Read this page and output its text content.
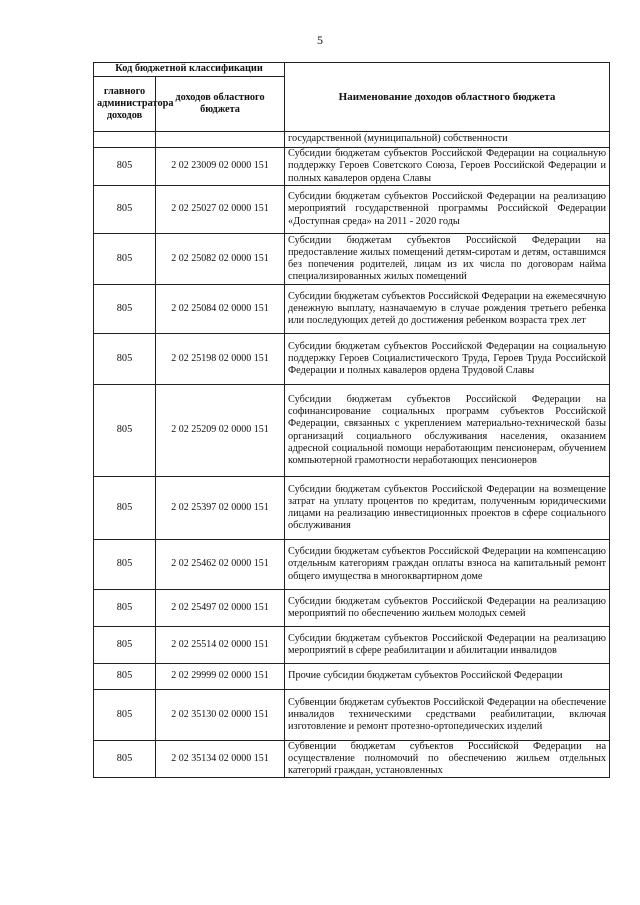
5
Код бюджетной классификации		Наименование доходов областного бюджета
главного администратора доходов	доходов областного бюджета	
		государственной (муниципальной) собственности
805	2 02 23009 02 0000 151	Субсидии бюджетам субъектов Российской Федерации на социальную поддержку Героев Советского Союза, Героев Российской Федерации и полных кавалеров ордена Славы
805	2 02 25027 02 0000 151	Субсидии бюджетам субъектов Российской Федерации на реализацию мероприятий государственной программы Российской Федерации «Доступная среда» на 2011 - 2020 годы
805	2 02 25082 02 0000 151	Субсидии бюджетам субъектов Российской Федерации на предоставление жилых помещений детям-сиротам и детям, оставшимся без попечения родителей, лицам из их числа по договорам найма специализированных жилых помещений
805	2 02 25084 02 0000 151	Субсидии бюджетам субъектов Российской Федерации на ежемесячную денежную выплату, назначаемую в случае рождения третьего ребенка или последующих детей до достижения ребенком возраста трех лет
805	2 02 25198 02 0000 151	Субсидии бюджетам субъектов Российской Федерации на социальную поддержку Героев Социалистического Труда, Героев Труда Российской Федерации и полных кавалеров ордена Трудовой Славы
805	2 02 25209 02 0000 151	Субсидии бюджетам субъектов Российской Федерации на софинансирование социальных программ субъектов Российской Федерации, связанных с укреплением материально-технической базы организаций социального обслуживания населения, оказанием адресной социальной помощи неработающим пенсионерам, обучением компьютерной грамотности неработающих пенсионеров
805	2 02 25397 02 0000 151	Субсидии бюджетам субъектов Российской Федерации на возмещение затрат на уплату процентов по кредитам, полученным юридическими лицами на реализацию инвестиционных проектов в сфере социального обслуживания
805	2 02 25462 02 0000 151	Субсидии бюджетам субъектов Российской Федерации на компенсацию отдельным категориям граждан оплаты взноса на капитальный ремонт общего имущества в многоквартирном доме
805	2 02 25497 02 0000 151	Субсидии бюджетам субъектов Российской Федерации на реализацию мероприятий по обеспечению жильем молодых семей
805	2 02 25514 02 0000 151	Субсидии бюджетам субъектов Российской Федерации на реализацию мероприятий в сфере реабилитации и абилитации инвалидов
805	2 02 29999 02 0000 151	Прочие субсидии бюджетам субъектов Российской Федерации
805	2 02 35130 02 0000 151	Субвенции бюджетам субъектов Российской Федерации на обеспечение инвалидов техническими средствами реабилитации, включая изготовление и ремонт протезно-ортопедических изделий
805	2 02 35134 02 0000 151	Субвенции бюджетам субъектов Российской Федерации на осуществление полномочий по обеспечению жильем отдельных категорий граждан, установленных
